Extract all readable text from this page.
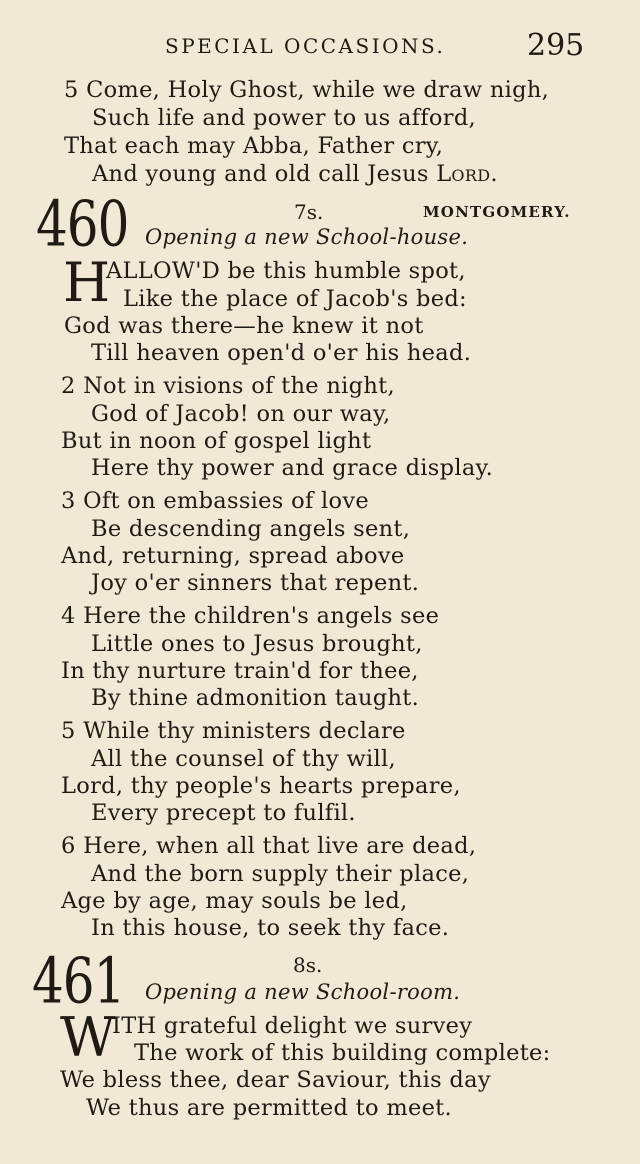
SPECIAL OCCASIONS.	295
5 Come, Holy Ghost, while we draw nigh,
Such life and power to us afford,
That each may Abba, Father cry,
And young and old call Jesus Lord.
460	7s.	MONTGOMERY.
Opening a new School-house.
H
ALLOW'D be this humble spot,
Like the place of Jacob's bed:
God was there—he knew it not
Till heaven open'd o'er his head.
2 Not in visions of the night,
God of Jacob! on our way,
But in noon of gospel light
Here thy power and grace display.
3 Oft on embassies of love
Be descending angels sent,
And, returning, spread above
Joy o'er sinners that repent.
4 Here the children's angels see
Little ones to Jesus brought,
In thy nurture train'd for thee,
By thine admonition taught.
5 While thy ministers declare
All the counsel of thy will,
Lord, thy people's hearts prepare,
Every precept to fulfil.
6 Here, when all that live are dead,
And the born supply their place,
Age by age, may souls be led,
In this house, to seek thy face.
461	8s.
Opening a new School-room.
W
ITH grateful delight we survey
The work of this building complete:
We bless thee, dear Saviour, this day
We thus are permitted to meet.
